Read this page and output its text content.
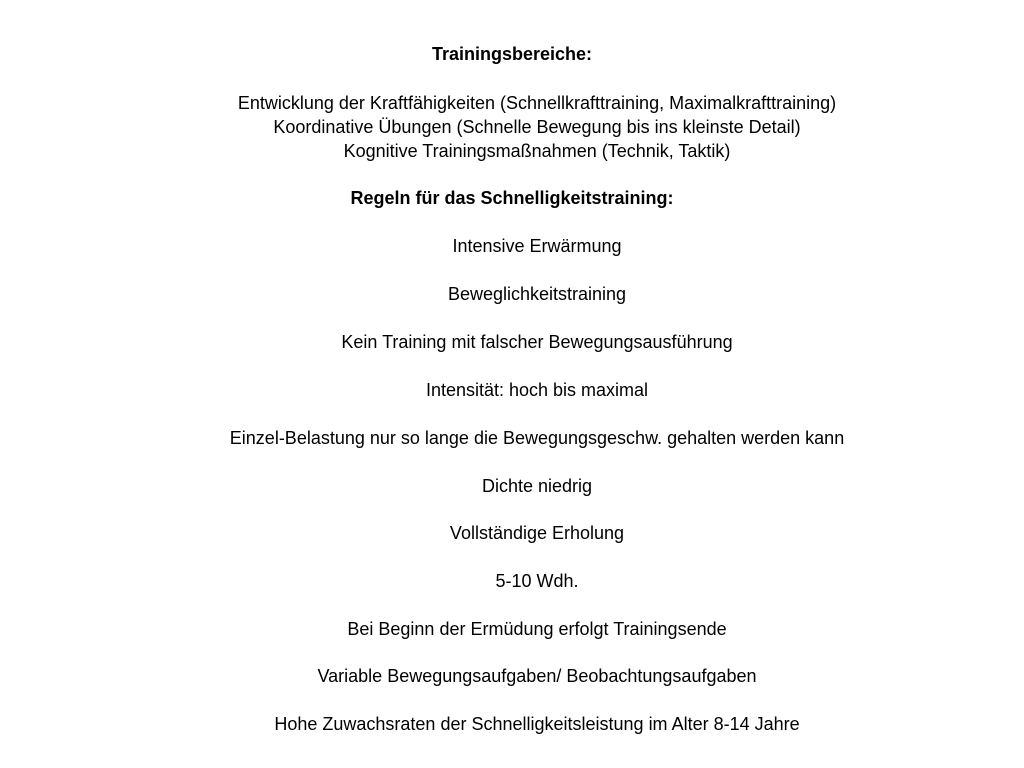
Trainingsbereiche:
Entwicklung der Kraftfähigkeiten (Schnellkrafttraining, Maximalkrafttraining)
Koordinative Übungen (Schnelle Bewegung bis ins kleinste Detail)
Kognitive Trainingsmaßnahmen (Technik, Taktik)
Regeln für das Schnelligkeitstraining:
Intensive Erwärmung
Beweglichkeitstraining
Kein Training mit falscher Bewegungsausführung
Intensität: hoch bis maximal
Einzel-Belastung nur so lange die Bewegungsgeschw. gehalten werden kann
Dichte niedrig
Vollständige Erholung
5-10 Wdh.
Bei Beginn der Ermüdung erfolgt Trainingsende
Variable Bewegungsaufgaben/ Beobachtungsaufgaben
Hohe Zuwachsraten der Schnelligkeitsleistung im Alter 8-14 Jahre
